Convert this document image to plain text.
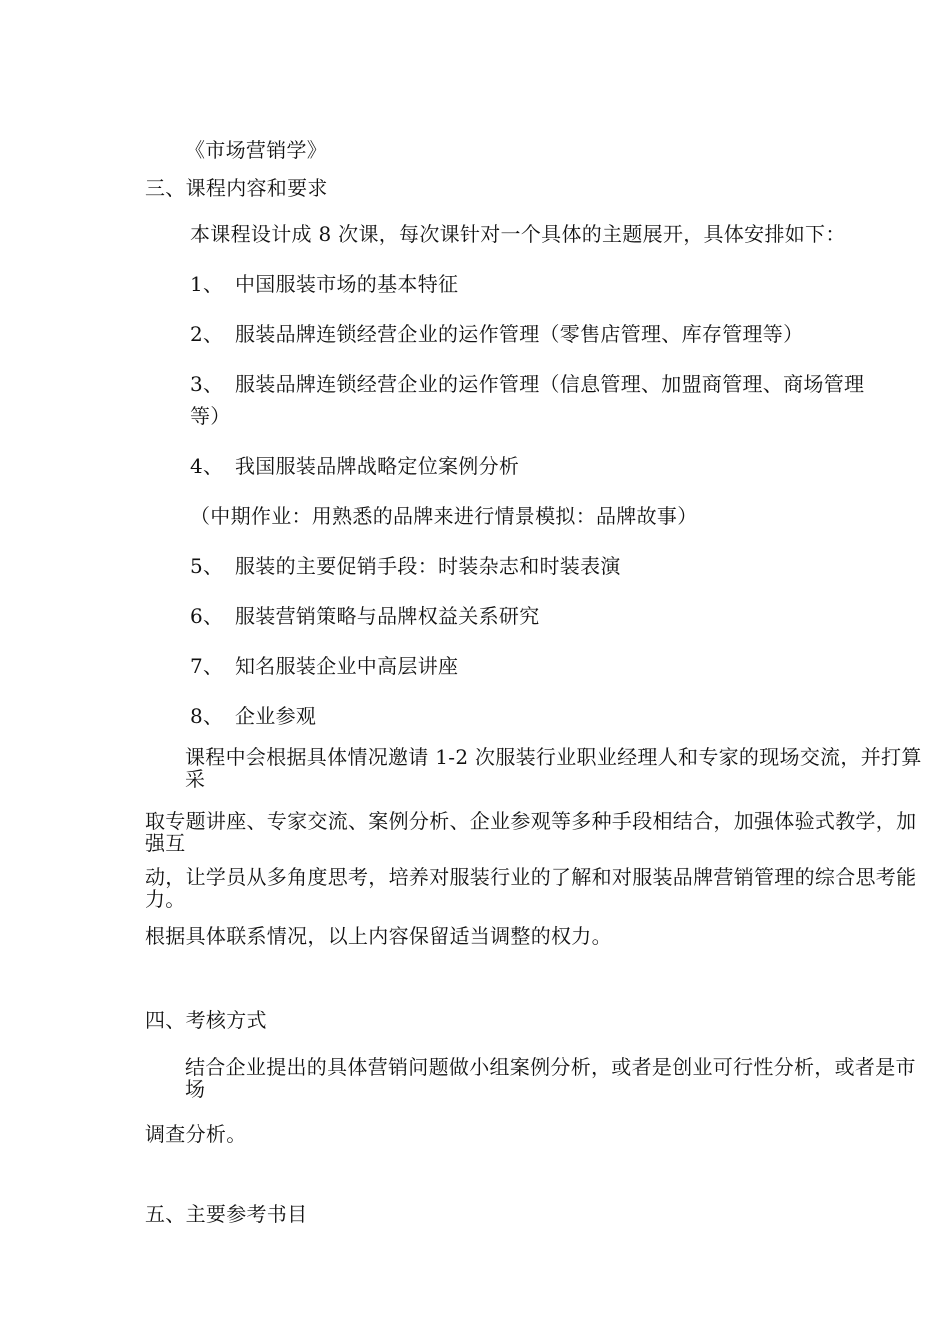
《市场营销学》
三、课程内容和要求
本课程设计成 8 次课，每次课针对一个具体的主题展开，具体安排如下：
1、 中国服装市场的基本特征
2、 服装品牌连锁经营企业的运作管理（零售店管理、库存管理等）
3、 服装品牌连锁经营企业的运作管理（信息管理、加盟商管理、商场管理
等）
4、 我国服装品牌战略定位案例分析
（中期作业：用熟悉的品牌来进行情景模拟：品牌故事）
5、 服装的主要促销手段：时装杂志和时装表演
6、 服装营销策略与品牌权益关系研究
7、 知名服装企业中高层讲座
8、 企业参观
课程中会根据具体情况邀请 1-2 次服装行业职业经理人和专家的现场交流，并打算采
取专题讲座、专家交流、案例分析、企业参观等多种手段相结合，加强体验式教学，加强互
动，让学员从多角度思考，培养对服装行业的了解和对服装品牌营销管理的综合思考能力。
根据具体联系情况，以上内容保留适当调整的权力。
四、考核方式
结合企业提出的具体营销问题做小组案例分析，或者是创业可行性分析，或者是市场
调查分析。
五、主要参考书目
